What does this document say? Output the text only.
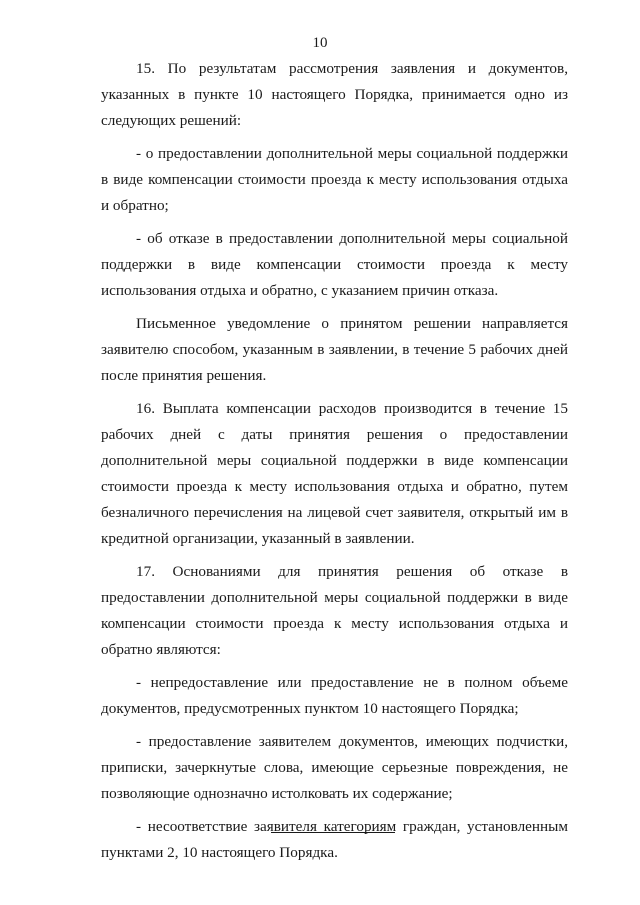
10

15. По результатам рассмотрения заявления и документов, указанных в пункте 10 настоящего Порядка, принимается одно из следующих решений:

- о предоставлении дополнительной меры социальной поддержки в виде компенсации стоимости проезда к месту использования отдыха и обратно;

- об отказе в предоставлении дополнительной меры социальной поддержки в виде компенсации стоимости проезда к месту использования отдыха и обратно, с указанием причин отказа.

Письменное уведомление о принятом решении направляется заявителю способом, указанным в заявлении, в течение 5 рабочих дней после принятия решения.

16. Выплата компенсации расходов производится в течение 15 рабочих дней с даты принятия решения о предоставлении дополнительной меры социальной поддержки в виде компенсации стоимости проезда к месту использования отдыха и обратно, путем безналичного перечисления на лицевой счет заявителя, открытый им в кредитной организации, указанный в заявлении.

17. Основаниями для принятия решения об отказе в предоставлении дополнительной меры социальной поддержки в виде компенсации стоимости проезда к месту использования отдыха и обратно являются:

- непредоставление или предоставление не в полном объеме документов, предусмотренных пунктом 10 настоящего Порядка;

- предоставление заявителем документов, имеющих подчистки, приписки, зачеркнутые слова, имеющие серьезные повреждения, не позволяющие однозначно истолковать их содержание;

- несоответствие заявителя категориям граждан, установленным пунктами 2, 10 настоящего Порядка.
